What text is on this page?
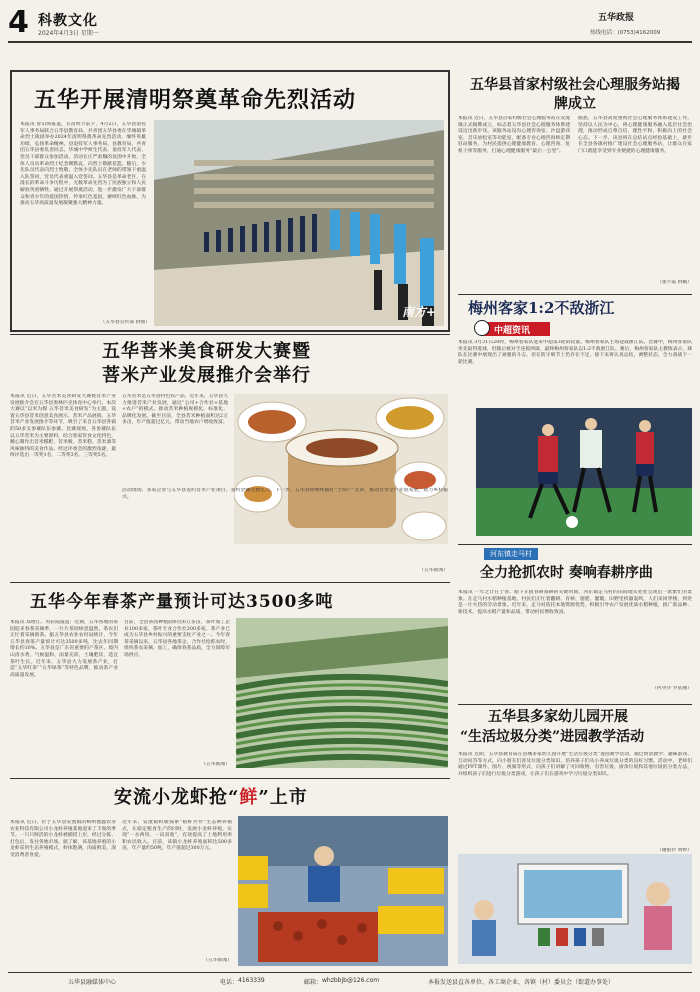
4 科教文化
2024年4月3日 星期一
五华政报
热线电话：(0753)4162009
五华开展清明祭奠革命先烈活动
本报讯 曾山海报道，在清明节前夕，4月2日，五华县退役军人事务局联合五华县教育局、共青团五华县委在华城镇革命烈士陵园举办2024年清明祭奠革命先烈活动，缅怀英雄功绩，弘扬革命精神。县退役军人事务局、县教育局、共青团五华县委负责同志，华城中学师生代表、退役军人代表、党员干部群众参加活动。活动在庄严肃穆的氛围中开始，全体人员向革命烈士纪念碑默哀，向烈士敬献花篮。随后，少先队员代表向烈士致敬，全体少先队员在老师的带领下重温入队誓词，党员代表重温入党誓词。五华县是革命老区，在漫长的革命斗争历程中，无数革命先烈为了民族独立和人民解放英勇牺牲。通过开展祭奠活动，进一步激发广大干部群众和青少年的爱国热情，传承红色基因，赓续红色血脉，为推动五华高质量发展凝聚强大精神力量。
（五华县宣传部 供图）
南方+
五华县首家村级社会心理服务站揭牌成立
本报讯 近日，五华县首家村级社会心理服务站在安流镇正式揭牌成立，标志着五华县社会心理服务体系建设迈出新步伐。该服务站设有心理咨询室、沙盘游戏室、音乐放松室等功能室，配备专业心理咨询师定期驻站服务，为村民提供心理健康教育、心理咨询、危机干预等服务，打通心理健康服务“最后一公里”。
据悉，五华县高度重视社会心理服务体系建设工作，坚持以人民为中心，将心理健康服务融入基层社会治理，推动形成自尊自信、理性平和、积极向上的社会心态。下一步，该县将在总结试点经验基础上，逐步在全县各镇村推广建设社会心理服务站，让群众在家门口就能享受到专业便捷的心理健康服务。
（张宇霞 供稿）
梅州客家1:2不敌浙江
中超资讯
本报讯 3月31日20时，梅州客家队迎来中超第3轮的较量，梅州客家队主场迎战浙江队。比赛中，梅州客家队率先取得进球，但随后被对手连扳两球，最终梅州客家队以1:2不敌浙江队。赛后，梅州客家队主教练表示，球队在比赛中展现出了顽强的斗志，但在防守细节上仍存在不足，接下来将认真总结，调整状态，全力备战下一轮比赛。
五华菩米美食研发大赛暨
菩米产业发展推介会举行
本报讯 近日，五华菩米美食研发大赛暨菩米产业发展推介会在五华县奥林匹克体育中心举行。本次大赛以“以米为媒 五华菩米美食研发”为主题，设置五华县菩米创意美食展示、菩米产品展销、五华菩米产业发展推介等环节，吸引了来自五华县各镇的50多支参赛队伍参赛。比赛现场，各参赛队伍以五华菩米为主要原料，结合客家饮食文化特色，精心制作出菩米糍粑、菩米粄、菩米糕、菩米酒等风味独特的美食作品。经过评委会的激烈角逐，最终评选出一等奖1名、二等奖3名、三等奖5名。
五华菩米是五华县特色农产品，近年来，五华县大力推进菩米产业发展，通过“公司+合作社+基地+农户”的模式，推动菩米种植规模化、标准化、品牌化发展。截至目前，全县菩米种植面积达2万多亩，年产值超过亿元，带动当地农户增收致富。
活动现场，多家企业与五华县签约菩米产业项目，签约金额达数亿元。下一步，五华县将继续做好“土特产”文章，推动菩米全产业链发展，助力乡村振兴。
（五华新闻）
河东镇走马村
全力抢抓农时 奏响春耕序曲
本报讯 一年之计在于春。眼下正值春耕备耕的关键时期，河东镇走马村的田间地头处处呈现出一派繁忙的景象。在走马村水稻种植基地，村民们正忙着翻耕、育秧、施肥、灌溉，田野里机器轰鸣，人们来回穿梭，到处是一片火热的劳动景象。近年来，走马村依托本地资源优势，积极引导农户发展优质水稻种植，推广新品种、新技术，提高水稻产量和品质，带动村民增收致富。
（何英华 罗依丽）
五华今年春茶产量预计可达3500多吨
本报讯 郑增江、英彩霞报道：近期，五华各地的茶园迎来春茶采摘季，一片片茶园绿意盎然，茶农们正忙着采摘新茶。据五华县农业农村局统计，今年五华县春茶产量预计可达3500多吨，比去年同期增长约10%。五华县是广东省重要的产茶区，境内山清水秀，气候温和，雨量充沛，土壤肥沃，适宜茶叶生长。近年来，五华县大力发展茶产业，打造“五华红茶”“五华绿茶”等特色品牌，推动茶产业高质量发展。
目前，全县茶园种植面积达6万多亩，茶叶加工企业100多家，茶叶专业合作社200多家，茶产业已成为五华县乡村振兴的重要支柱产业之一。今年春茶采摘以来，五华县各地茶企、合作社抢抓农时，组织茶农采摘、加工，确保春茶品质，全力保障市场供应。
（五华新闻）
五华县多家幼儿园开展
“生活垃圾分类”进园教学活动
本报讯 近期，五华县教育局在县城多家幼儿园开展“生活垃圾分类”进园教学活动，通过情景教学、趣味游戏、互动问答等方式，向小朋友们普及垃圾分类知识，培养孩子们从小养成垃圾分类的良好习惯。活动中，老师们通过PPT课件、图片、视频等形式，向孩子们讲解了可回收物、有害垃圾、厨余垃圾和其他垃圾的分类方法，并组织孩子们进行垃圾分类游戏，让孩子们在游戏中学习垃圾分类知识。
（谢银伶 黄婷）
安流小龙虾抢“鲜”上市
本报讯 近日，位于五华县安流镇的梅州德鑫农业农业科技有限公司小龙虾养殖基地迎来了丰收的季节。一只只鲜活的小龙虾被捕捞上岸，经过分拣、打包后，发往各地市场。据了解，该基地养殖的小龙虾采用生态养殖模式，虾体饱满，肉质鲜美，深受消费者喜爱。
近年来，安流镇积极探索“稻虾共作”生态种养模式，在稳定粮食生产的同时，发展小龙虾养殖，实现“一水两用、一田双收”，有效提高了土地利用率和农民收入。目前，该镇小龙虾养殖面积达500多亩，年产量约50吨，年产值超过300万元。
（五华新闻）
五华县融媒体中心	电话： 4163339	邮箱： whzbbjb@126.com	本报发送县直各单位、各工商企业、各镇（村）委员会（街道办事处）
